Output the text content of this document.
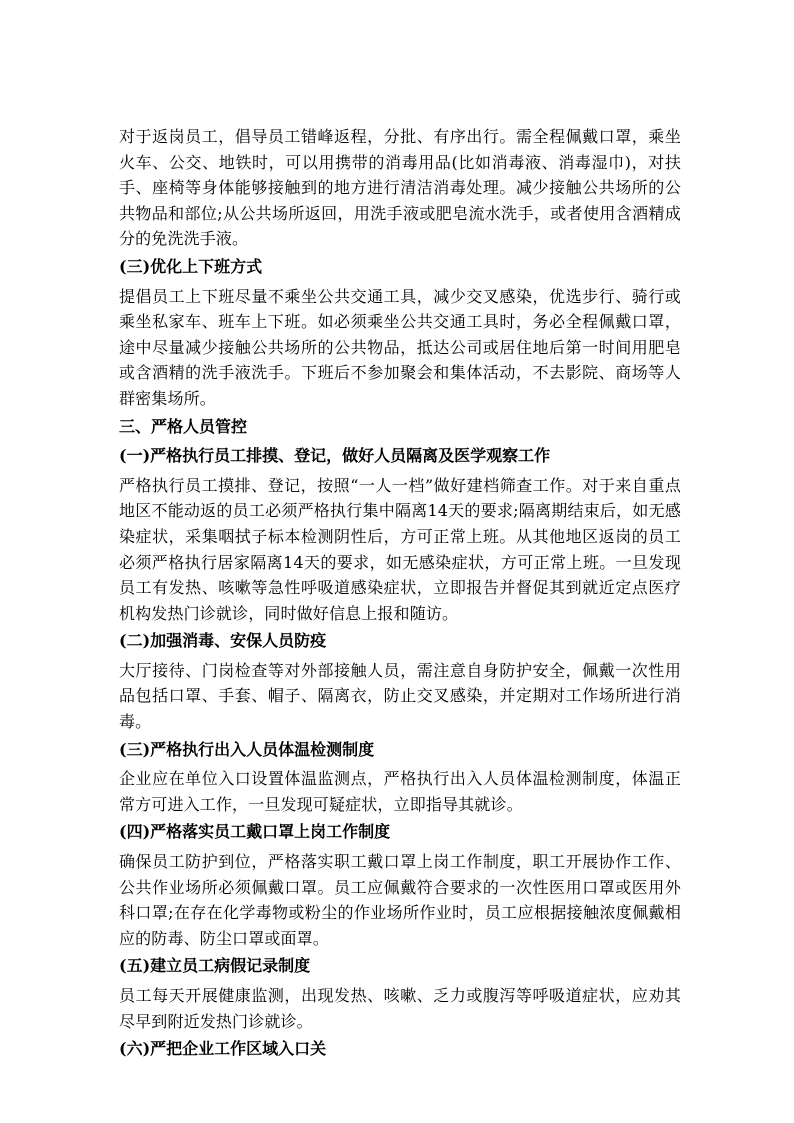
对于返岗员工，倡导员工错峰返程，分批、有序出行。需全程佩戴口罩，乘坐火车、公交、地铁时，可以用携带的消毒用品(比如消毒液、消毒湿巾)，对扶手、座椅等身体能够接触到的地方进行清洁消毒处理。减少接触公共场所的公共物品和部位;从公共场所返回，用洗手液或肥皂流水洗手，或者使用含酒精成分的免洗洗手液。

(三)优化上下班方式

提倡员工上下班尽量不乘坐公共交通工具，减少交叉感染，优选步行、骑行或乘坐私家车、班车上下班。如必须乘坐公共交通工具时，务必全程佩戴口罩，途中尽量减少接触公共场所的公共物品，抵达公司或居住地后第一时间用肥皂或含酒精的洗手液洗手。下班后不参加聚会和集体活动，不去影院、商场等人群密集场所。

三、严格人员管控

(一)严格执行员工排摸、登记，做好人员隔离及医学观察工作

严格执行员工摸排、登记，按照“一人一档”做好建档筛查工作。对于来自重点地区不能动返的员工必须严格执行集中隔离14天的要求;隔离期结束后，如无感染症状，采集咽拭子标本检测阴性后，方可正常上班。从其他地区返岗的员工必须严格执行居家隔离14天的要求，如无感染症状，方可正常上班。一旦发现员工有发热、咳嗽等急性呼吸道感染症状，立即报告并督促其到就近定点医疗机构发热门诊就诊，同时做好信息上报和随访。

(二)加强消毒、安保人员防疫

大厅接待、门岗检查等对外部接触人员，需注意自身防护安全，佩戴一次性用品包括口罩、手套、帽子、隔离衣，防止交叉感染，并定期对工作场所进行消毒。

(三)严格执行出入人员体温检测制度

企业应在单位入口设置体温监测点，严格执行出入人员体温检测制度，体温正常方可进入工作，一旦发现可疑症状，立即指导其就诊。

(四)严格落实员工戴口罩上岗工作制度

确保员工防护到位，严格落实职工戴口罩上岗工作制度，职工开展协作工作、公共作业场所必须佩戴口罩。员工应佩戴符合要求的一次性医用口罩或医用外科口罩;在存在化学毒物或粉尘的作业场所作业时，员工应根据接触浓度佩戴相应的防毒、防尘口罩或面罩。

(五)建立员工病假记录制度

员工每天开展健康监测，出现发热、咳嗽、乏力或腹泻等呼吸道症状，应劝其尽早到附近发热门诊就诊。

(六)严把企业工作区域入口关
